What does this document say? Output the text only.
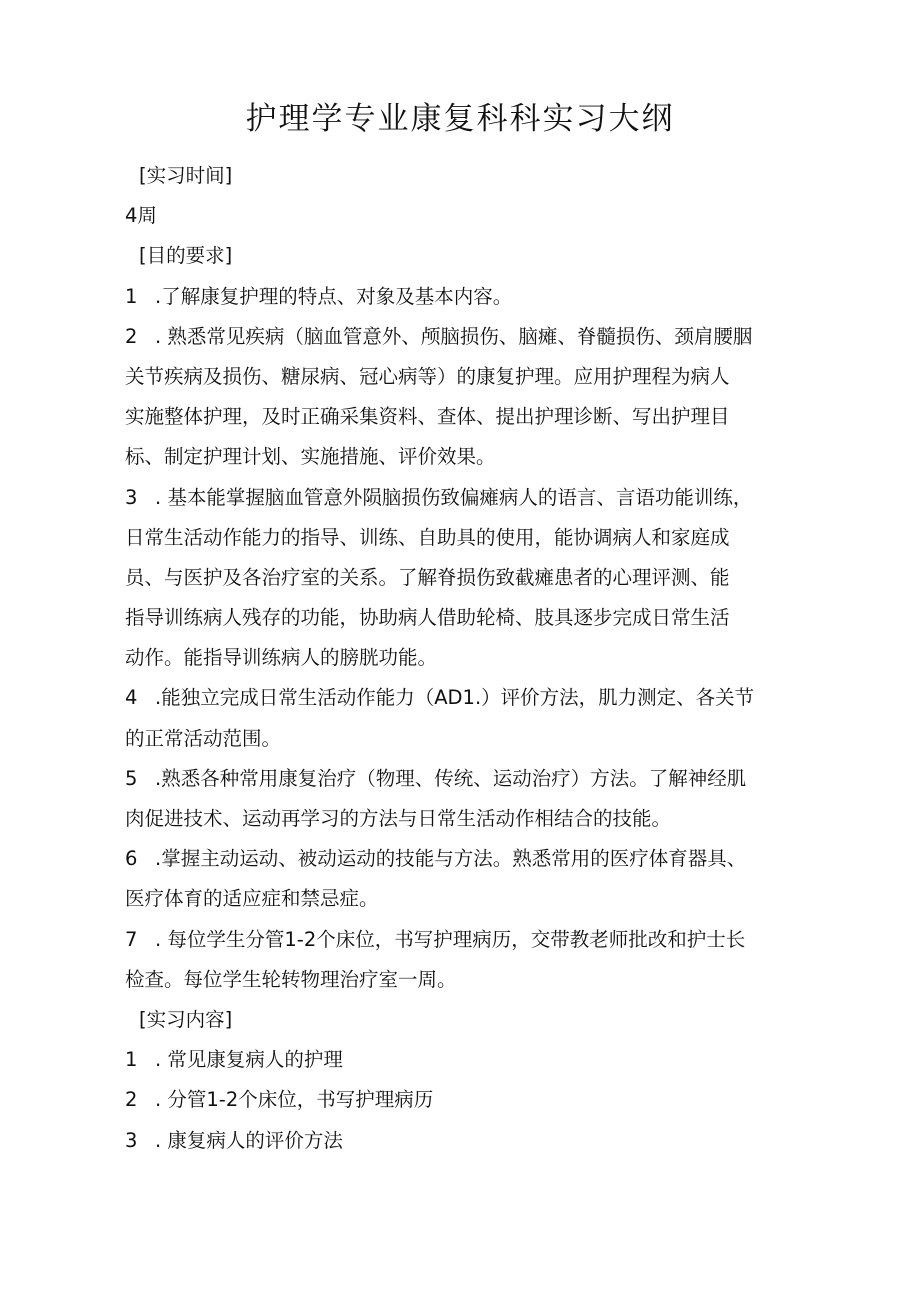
护理学专业康复科科实习大纲
[实习时间]
4周
[目的要求]
1 .了解康复护理的特点、对象及基本内容。
2 . 熟悉常见疾病（脑血管意外、颅脑损伤、脑瘫、脊髓损伤、颈肩腰胭
关节疾病及损伤、糖尿病、冠心病等）的康复护理。应用护理程为病人
实施整体护理，及时正确采集资料、查体、提出护理诊断、写出护理目
标、制定护理计划、实施措施、评价效果。
3 . 基本能掌握脑血管意外陨脑损伤致偏瘫病人的语言、言语功能训练，
日常生活动作能力的指导、训练、自助具的使用，能协调病人和家庭成
员、与医护及各治疗室的关系。了解脊损伤致截瘫患者的心理评测、能
指导训练病人残存的功能，协助病人借助轮椅、肢具逐步完成日常生活
动作。能指导训练病人的膀胱功能。
4 .能独立完成日常生活动作能力（AD1.）评价方法，肌力测定、各关节
的正常活动范围。
5 .熟悉各种常用康复治疗（物理、传统、运动治疗）方法。了解神经肌
肉促进技术、运动再学习的方法与日常生活动作相结合的技能。
6 .掌握主动运动、被动运动的技能与方法。熟悉常用的医疗体育器具、
医疗体育的适应症和禁忌症。
7 . 每位学生分管1-2个床位，书写护理病历，交带教老师批改和护士长
检查。每位学生轮转物理治疗室一周。
[实习内容]
1 . 常见康复病人的护理
2 . 分管1-2个床位，书写护理病历
3 . 康复病人的评价方法
